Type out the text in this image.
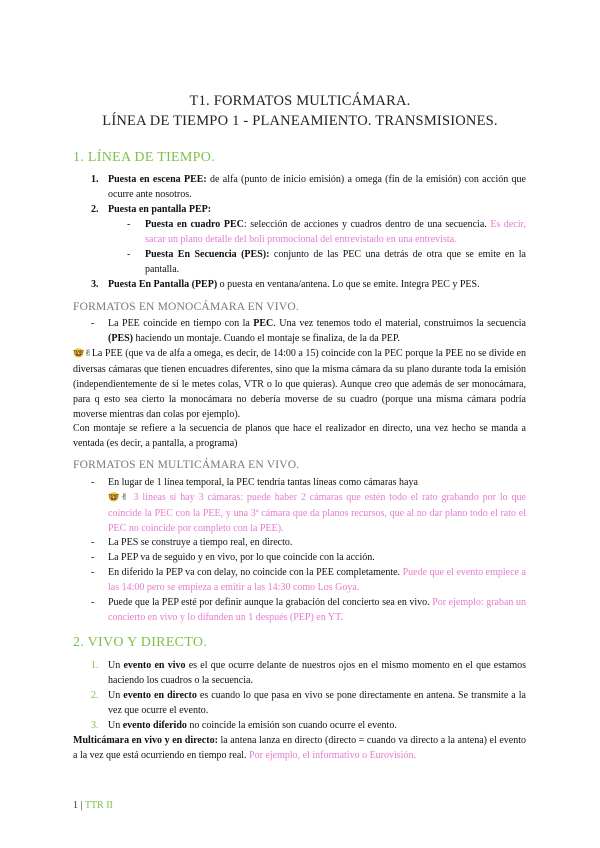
T1. FORMATOS MULTICÁMARA.
LÍNEA DE TIEMPO 1 - PLANEAMIENTO. TRANSMISIONES.
1. LÍNEA DE TIEMPO.
1. Puesta en escena PEE: de alfa (punto de inicio emisión) a omega (fin de la emisión) con acción que ocurre ante nosotros.
2. Puesta en pantalla PEP:
- Puesta en cuadro PEC: selección de acciones y cuadros dentro de una secuencia. Es decir, sacar un plano detalle del boli promocional del entrevistado en una entrevista.
- Puesta En Secuencia (PES): conjunto de las PEC una detrás de otra que se emite en la pantalla.
3. Puesta En Pantalla (PEP) o puesta en ventana/antena. Lo que se emite. Integra PEC y PES.
FORMATOS EN MONOCÁMARA EN VIVO.
- La PEE coincide en tiempo con la PEC. Una vez tenemos todo el material, construimos la secuencia (PES) haciendo un montaje. Cuando el montaje se finaliza, de la da PEP.
🤓✌La PEE (que va de alfa a omega, es decir, de 14:00 a 15) coincide con la PEC porque la PEE no se divide en diversas cámaras que tienen encuadres diferentes, sino que la misma cámara da su plano durante toda la emisión (independientemente de si le metes colas, VTR o lo que quieras). Aunque creo que además de ser monocámara, para q esto sea cierto la monocámara no debería moverse de su cuadro (porque una misma cámara podría moverse mientras dan colas por ejemplo).
Con montaje se refiere a la secuencia de planos que hace el realizador en directo, una vez hecho se manda a ventada (es decir, a pantalla, a programa)
FORMATOS EN MULTICÁMARA EN VIVO.
- En lugar de 1 línea temporal, la PEC tendría tantas líneas como cámaras haya
🤓✌ 3 líneas si hay 3 cámaras: puede haber 2 cámaras que estén todo el rato grabando por lo que coincide la PEC con la PEE, y una 3ª cámara que da planos recursos, que al no dar plano todo el rato el PEC no coincide por completo con la PEE).
- La PES se construye a tiempo real, en directo.
- La PEP va de seguido y en vivo, por lo que coincide con la acción.
- En diferido la PEP va con delay, no coincide con la PEE completamente. Puede que el evento empiece a las 14:00 pero se empieza a emitir a las 14:30 como Los Goya.
- Puede que la PEP esté por definir aunque la grabación del concierto sea en vivo. Por ejemplo: graban un concierto en vivo y lo difunden un 1 después (PEP) en YT.
2. VIVO Y DIRECTO.
1. Un evento en vivo es el que ocurre delante de nuestros ojos en el mismo momento en el que estamos haciendo los cuadros o la secuencia.
2. Un evento en directo es cuando lo que pasa en vivo se pone directamente en antena. Se transmite a la vez que ocurre el evento.
3. Un evento diferido no coincide la emisión son cuando ocurre el evento.
Multicámara en vivo y en directo: la antena lanza en directo (directo = cuando va directo a la antena) el evento a la vez que está ocurriendo en tiempo real. Por ejemplo, el informativo o Eurovisión.
1 | TTR II
